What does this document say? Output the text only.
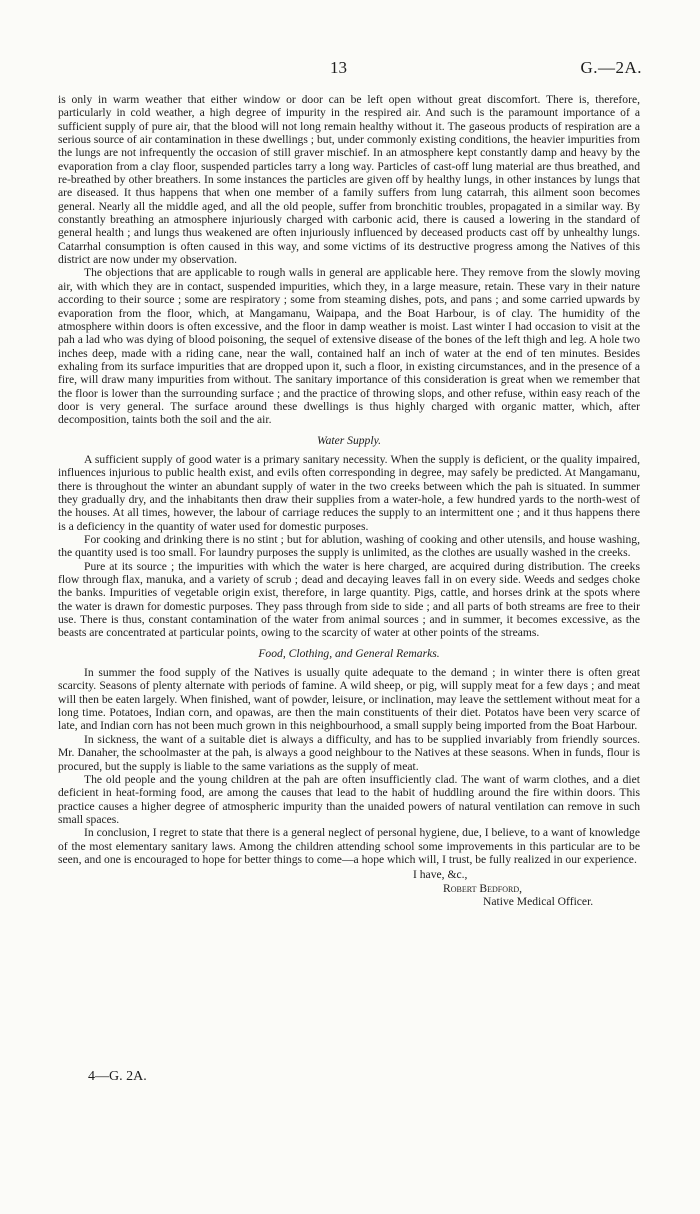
13	G.—2A.

is only in warm weather that either window or door can be left open without great discomfort. There is, therefore, particularly in cold weather, a high degree of impurity in the respired air. And such is the paramount importance of a sufficient supply of pure air, that the blood will not long remain healthy without it. The gaseous products of respiration are a serious source of air contamination in these dwellings ; but, under commonly existing conditions, the heavier impurities from the lungs are not infrequently the occasion of still graver mischief. In an atmosphere kept constantly damp and heavy by the evaporation from a clay floor, suspended particles tarry a long way. Particles of cast-off lung material are thus breathed, and re-breathed by other breathers. In some instances the particles are given off by healthy lungs, in other instances by lungs that are diseased. It thus happens that when one member of a family suffers from lung catarrah, this ailment soon becomes general. Nearly all the middle aged, and all the old people, suffer from bronchitic troubles, propagated in a similar way. By constantly breathing an atmosphere injuriously charged with carbonic acid, there is caused a lowering in the standard of general health ; and lungs thus weakened are often injuriously influenced by deceased products cast off by unhealthy lungs. Catarrhal consumption is often caused in this way, and some victims of its destructive progress among the Natives of this district are now under my observation.

The objections that are applicable to rough walls in general are applicable here. They remove from the slowly moving air, with which they are in contact, suspended impurities, which they, in a large measure, retain. These vary in their nature according to their source ; some are respiratory ; some from steaming dishes, pots, and pans ; and some carried upwards by evaporation from the floor, which, at Mangamanu, Waipapa, and the Boat Harbour, is of clay. The humidity of the atmosphere within doors is often excessive, and the floor in damp weather is moist. Last winter I had occasion to visit at the pah a lad who was dying of blood poisoning, the sequel of extensive disease of the bones of the left thigh and leg. A hole two inches deep, made with a riding cane, near the wall, contained half an inch of water at the end of ten minutes. Besides exhaling from its surface impurities that are dropped upon it, such a floor, in existing circumstances, and in the presence of a fire, will draw many impurities from without. The sanitary importance of this consideration is great when we remember that the floor is lower than the surrounding surface ; and the practice of throwing slops, and other refuse, within easy reach of the door is very general. The surface around these dwellings is thus highly charged with organic matter, which, after decomposition, taints both the soil and the air.

Water Supply.

A sufficient supply of good water is a primary sanitary necessity. When the supply is deficient, or the quality impaired, influences injurious to public health exist, and evils often corresponding in degree, may safely be predicted. At Mangamanu, there is throughout the winter an abundant supply of water in the two creeks between which the pah is situated. In summer they gradually dry, and the inhabitants then draw their supplies from a water-hole, a few hundred yards to the north-west of the houses. At all times, however, the labour of carriage reduces the supply to an intermittent one ; and it thus happens there is a deficiency in the quantity of water used for domestic purposes.

For cooking and drinking there is no stint ; but for ablution, washing of cooking and other utensils, and house washing, the quantity used is too small. For laundry purposes the supply is unlimited, as the clothes are usually washed in the creeks.

Pure at its source ; the impurities with which the water is here charged, are acquired during distribution. The creeks flow through flax, manuka, and a variety of scrub ; dead and decaying leaves fall in on every side. Weeds and sedges choke the banks. Impurities of vegetable origin exist, therefore, in large quantity. Pigs, cattle, and horses drink at the spots where the water is drawn for domestic purposes. They pass through from side to side ; and all parts of both streams are free to their use. There is thus, constant contamination of the water from animal sources ; and in summer, it becomes excessive, as the beasts are concentrated at particular points, owing to the scarcity of water at other points of the streams.

Food, Clothing, and General Remarks.

In summer the food supply of the Natives is usually quite adequate to the demand ; in winter there is often great scarcity. Seasons of plenty alternate with periods of famine. A wild sheep, or pig, will supply meat for a few days ; and meat will then be eaten largely. When finished, want of powder, leisure, or inclination, may leave the settlement without meat for a long time. Potatoes, Indian corn, and opawas, are then the main constituents of their diet. Potatos have been very scarce of late, and Indian corn has not been much grown in this neighbourhood, a small supply being imported from the Boat Harbour.

In sickness, the want of a suitable diet is always a difficulty, and has to be supplied invariably from friendly sources. Mr. Danaher, the schoolmaster at the pah, is always a good neighbour to the Natives at these seasons. When in funds, flour is procured, but the supply is liable to the same variations as the supply of meat.

The old people and the young children at the pah are often insufficiently clad. The want of warm clothes, and a diet deficient in heat-forming food, are among the causes that lead to the habit of huddling around the fire within doors. This practice causes a higher degree of atmospheric impurity than the unaided powers of natural ventilation can remove in such small spaces.

In conclusion, I regret to state that there is a general neglect of personal hygiene, due, I believe, to a want of knowledge of the most elementary sanitary laws. Among the children attending school some improvements in this particular are to be seen, and one is encouraged to hope for better things to come—a hope which will, I trust, be fully realized in our experience.

I have, &c.,
Robert Bedford,
Native Medical Officer.
4—G. 2A.
